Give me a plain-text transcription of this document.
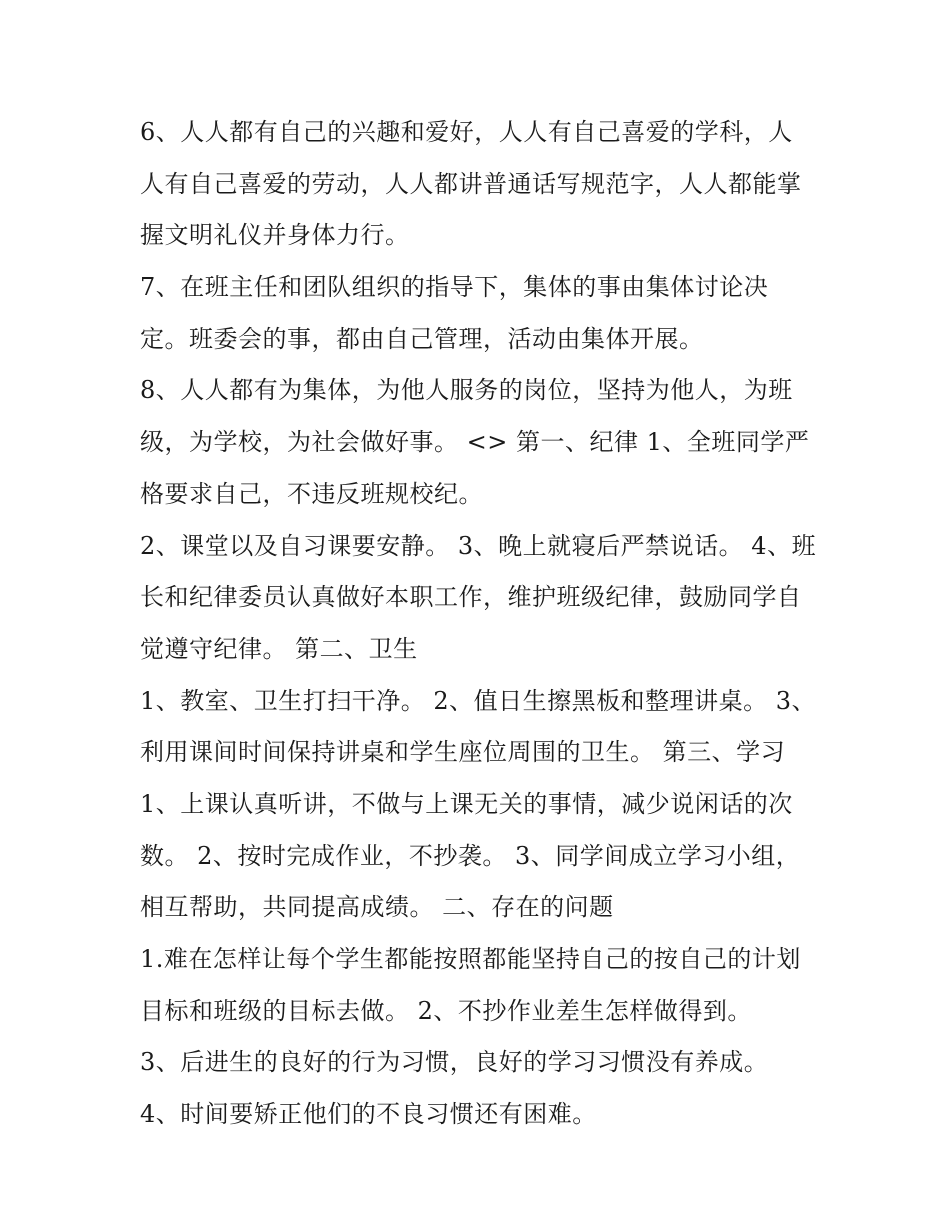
6、人人都有自己的兴趣和爱好，人人有自己喜爱的学科，人
人有自己喜爱的劳动，人人都讲普通话写规范字，人人都能掌
握文明礼仪并身体力行。
7、在班主任和团队组织的指导下，集体的事由集体讨论决
定。班委会的事，都由自己管理，活动由集体开展。
8、人人都有为集体，为他人服务的岗位，坚持为他人，为班
级，为学校，为社会做好事。 <> 第一、纪律 1、全班同学严
格要求自己，不违反班规校纪。
2、课堂以及自习课要安静。 3、晚上就寝后严禁说话。 4、班
长和纪律委员认真做好本职工作，维护班级纪律，鼓励同学自
觉遵守纪律。 第二、卫生
1、教室、卫生打扫干净。 2、值日生擦黑板和整理讲桌。 3、
利用课间时间保持讲桌和学生座位周围的卫生。 第三、学习
1、上课认真听讲，不做与上课无关的事情，减少说闲话的次
数。 2、按时完成作业，不抄袭。 3、同学间成立学习小组，
相互帮助，共同提高成绩。 二、存在的问题
1.难在怎样让每个学生都能按照都能坚持自己的按自己的计划
目标和班级的目标去做。 2、不抄作业差生怎样做得到。
3、后进生的良好的行为习惯，良好的学习习惯没有养成。
4、时间要矫正他们的不良习惯还有困难。
